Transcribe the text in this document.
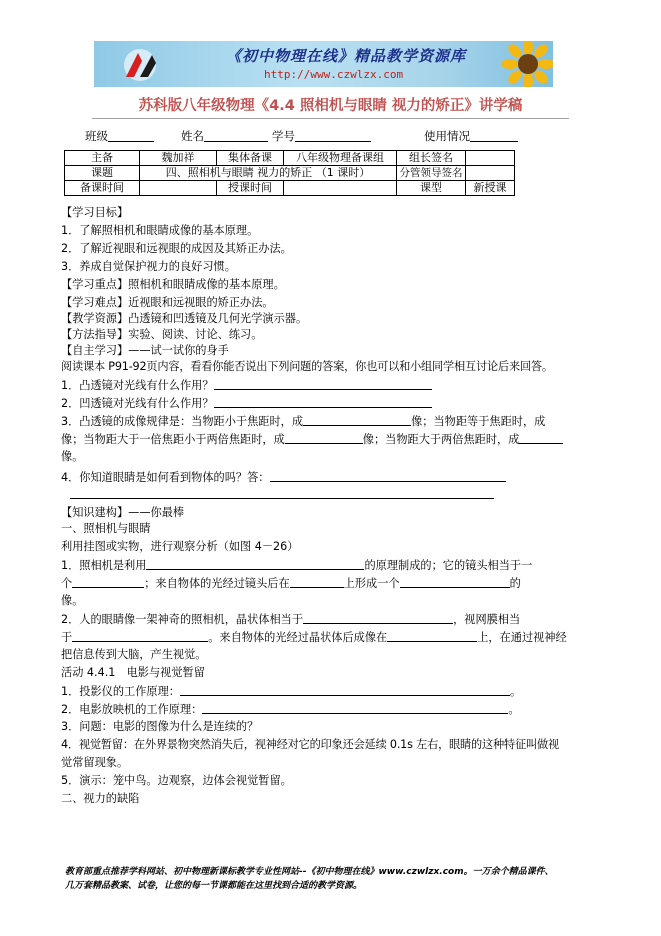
《初中物理在线》精品教学资源库
http://www.czwlzx.com
苏科版八年级物理《4.4 照相机与眼睛 视力的矫正》讲学稿
班级	姓名	学号	使用情况
主备	魏加祥	集体备课	八年级物理备课组	组长签名	
课题	四、照相机与眼睛 视力的矫正 （1 课时）			分管领导签名	
备课时间		授课时间		课型	新授课
【学习目标】
1．了解照相机和眼睛成像的基本原理。
2．了解近视眼和远视眼的成因及其矫正办法。
3．养成自觉保护视力的良好习惯。
【学习重点】照相机和眼睛成像的基本原理。
【学习难点】近视眼和远视眼的矫正办法。
【教学资源】凸透镜和凹透镜及几何光学演示器。
【方法指导】实验、阅读、讨论、练习。
【自主学习】——试一试你的身手
阅读课本 P91-92页内容，看看你能否说出下列问题的答案，你也可以和小组同学相互讨论后来回答。
1．凸透镜对光线有什么作用？
2．凹透镜对光线有什么作用？
3．凸透镜的成像规律是：当物距小于焦距时，成	像；当物距等于焦距时，成
像；当物距大于一倍焦距小于两倍焦距时，成	像；当物距大于两倍焦距时，成
像。
4．你知道眼睛是如何看到物体的吗？答：
【知识建构】——你最棒
一、照相机与眼睛
利用挂图或实物，进行观察分析（如图 4－26）
1．照相机是利用	的原理制成的；它的镜头相当于一
个	；来自物体的光经过镜头后在	上形成一个	的
像。
2．人的眼睛像一架神奇的照相机，晶状体相当于	，视网膜相当
于	。来自物体的光经过晶状体后成像在	上，在通过视神经
把信息传到大脑，产生视觉。
活动 4.4.1　电影与视觉暂留
1．投影仪的工作原理：	。
2．电影放映机的工作原理：	。
3．问题：电影的图像为什么是连续的？
4．视觉暂留：在外界景物突然消失后，视神经对它的印象还会延续 0.1s 左右，眼睛的这种特征叫做视
觉常留现象。
5．演示：笼中鸟。边观察，边体会视觉暂留。
二、视力的缺陷
教育部重点推荐学科网站、初中物理新课标教学专业性网站--《初中物理在线》www.czwlzx.com。一万余个精品课件、
几万套精品教案、试卷，让您的每一节课都能在这里找到合适的教学资源。
